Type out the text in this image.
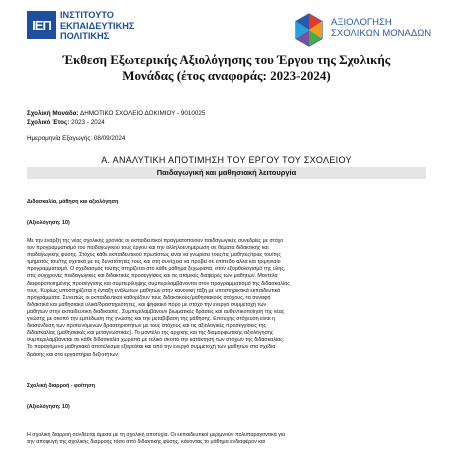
ΙΕΠ
ΙΝΣΤΙΤΟΥΤΟ
ΕΚΠΑΙΔΕΥΤΙΚΗΣ
ΠΟΛΙΤΙΚΗΣ
ΑΞΙΟΛΟΓΗΣΗ
ΣΧΟΛΙΚΩΝ ΜΟΝΑΔΩΝ
Έκθεση Εξωτερικής Αξιολόγησης του Έργου της Σχολικής
Μονάδας (έτος αναφοράς: 2023-2024)
Σχολική Μονάδα: ΔΗΜΟΤΙΚΟ ΣΧΟΛΕΙΟ ΔΟΚΙΜΙΟΥ - 9010025
Σχολικό Έτος: 2023 - 2024
Ημερομηνία Εξαγωγής: 08/09/2024
Α. ΑΝΑΛΥΤΙΚΗ ΑΠΟΤΙΜΗΣΗ ΤΟΥ ΕΡΓΟΥ ΤΟΥ ΣΧΟΛΕΙΟΥ
Παιδαγωγική και μαθησιακή λειτουργία
Διδασκαλία, μάθηση και αξιολόγηση
(Αξιολόγηση: 10)
Με την έναρξη της νέας σχολικής χρονιάς οι εκπαιδευτικοί πραγματοποιούν παιδαγωγικές συνεδρίες με στόχο
τον προγραμματισμό του παιδαγωγικού τους έργου και την αλληλοενημέρωση σε θέματα διδακτικής και
παιδαγωγικής φύσης. Στόχος κάθε εκπαιδευτικού πρωτίστως είναι να γνωρίσει τους/τις μαθητές/τριες του/της
τμήματός του/της σχετικά με τις δυνατότητές τους και στη συνέχεια να προβεί σε επίπεδο αλλά και τριμηνιαίο
προγραμματισμό. Ο σχεδιασμός τούτης στηρίζεται στο κάθε μάθημα ξεχωριστά, στον εξορθολογισμό της ύλης,
στις σύγχρονες παιδαγωγικές και διδακτικές προσεγγίσεις και τις ατομικές διαφορές των μαθητών. Μοντέλα
διαφοροποιημένης προσέγγισης και συμπερίληψης συμπεριλαμβάνονται στον προγραμματισμό της διδασκαλίας
τους. Κυρίως υποστηρίζεται η ένταξη ενάλωτων μαθητών στην κανονική τάξη με υποστηρικτικά εκπαιδευτικά
προγράμματα. Συνεπώς οι εκπαιδευτικοί καθορίζουν τους διδακτικούς/μαθησιακούς στόχους, τα συναφή
διδακτικά και μαθησιακά υλικά/δραστηριότητες, και ψηφιακό πόρο με στόχο την ενεργό συμμετοχή των
μαθητών στην εκπαιδευτική διαδικασία . Συμπεριλαμβάνουν βιωματικές δράσεις και αυθεντικοποίηση της νέας
γνώσης με σκοπό την εμπέδωση της γνώσης και την μεταβίβαση της μάθησης. Επιτυχής στόχευση είναι η
διασύνδεση των προτεινόμενων δραστηριοτήτων με τους στόχους και τις αξιολογικές προσεγγίσεις της
διδασκαλίας (μαθησιακές και μεταγνωστικές). Το μοντέλο της αρχικής και της διαμορφωτικής αξιολόγησης
συμπεριλαμβάνεται σε κάθε διδασκαλία χωριστά με τελικό σκοπό την κατάκτηση των στόχων της διδασκαλίας.
Το παραγόμενο μαθησιακό αποτέλεσμα εξαρτάται και από την ενεργό συμμετοχή των μαθητών στα σχέδια
δράσης και στα εργαστήρια δεξιοτήτων.
Σχολική διαρροή - φοίτηση
(Αξιολόγηση: 10)
Η σχολική διαρροή συνδέεται άμεσα με τη σχολική αποτυχία. Οι εκπαιδευτικοί μεριμνούν πολυπαραγοντικά για
την αποφυγή της σχολικής διαρροής τόσο από διδακτικής φύσης, κάνοντας το μάθημα ενδιαφέρον και
